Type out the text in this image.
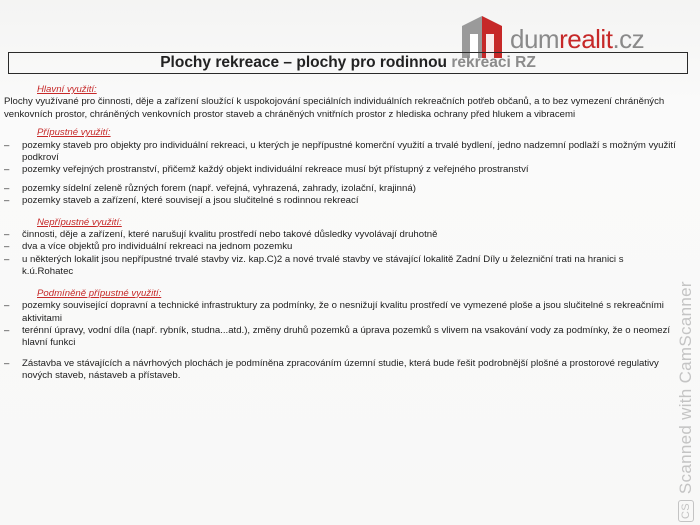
dumrealit.cz
Plochy rekreace – plochy pro rodinnou rekreaci RZ
Hlavní využití:

Plochy využívané pro činnosti, děje a zařízení sloužící k uspokojování speciálních individuálních rekreačních potřeb občanů, a to bez vymezení chráněných venkovních prostor, chráněných venkovních prostor staveb a chráněných vnitřních prostor z hlediska ochrany před hlukem a vibracemi

Přípustné využití:
– pozemky staveb pro objekty pro individuální rekreaci, u kterých je nepřípustné komerční využití a trvalé bydlení, jedno nadzemní podlaží s možným využití podkroví
– pozemky veřejných prostranství, přičemž každý objekt individuální rekreace musí být přístupný z veřejného prostranství
– pozemky sídelní zeleně různých forem (např. veřejná, vyhrazená, zahrady, izolační, krajinná)
– pozemky staveb a zařízení, které souvisejí a jsou slučitelné s rodinnou rekreací
Nepřípustné využití:
– činnosti, děje a zařízení, které narušují kvalitu prostředí nebo takové důsledky vyvolávají druhotně
– dva a více objektů pro individuální rekreaci na jednom pozemku
– u některých lokalit jsou nepřípustné trvalé stavby viz. kap.C)2 a nové trvalé stavby ve stávající lokalitě Zadní Díly u železniční trati na hranici s k.ú.Rohatec
Podmíněně přípustné využití:
– pozemky související dopravní a technické infrastruktury za podmínky, že o nesnižují kvalitu prostředí ve vymezené ploše a jsou slučitelné s rekreačními aktivitami
– terénní úpravy, vodní díla (např. rybník, studna...atd.), změny druhů pozemků a úprava pozemků s vlivem na vsakování vody za podmínky, že o neomezí hlavní funkci
– Zástavba ve stávajících a návrhových plochách je podmíněna zpracováním územní studie, která bude řešit podrobnější plošné a prostorové regulativy nových staveb, nástaveb a přístaveb.
CSScanned with CamScanner
